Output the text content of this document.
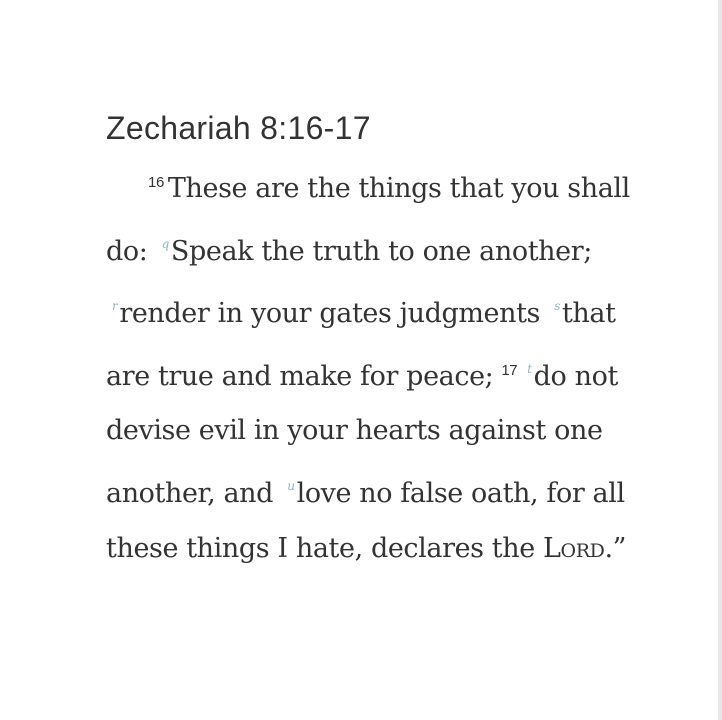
Zechariah 8:16-17

$^{16}$ These are the things that you shall do: $^q$Speak the truth to one another; $^r$render in your gates judgments $^s$that are true and make for peace; $^{17}$ $^t$do not devise evil in your hearts against one another, and $^u$love no false oath, for all these things I hate, declares the Lord.”
